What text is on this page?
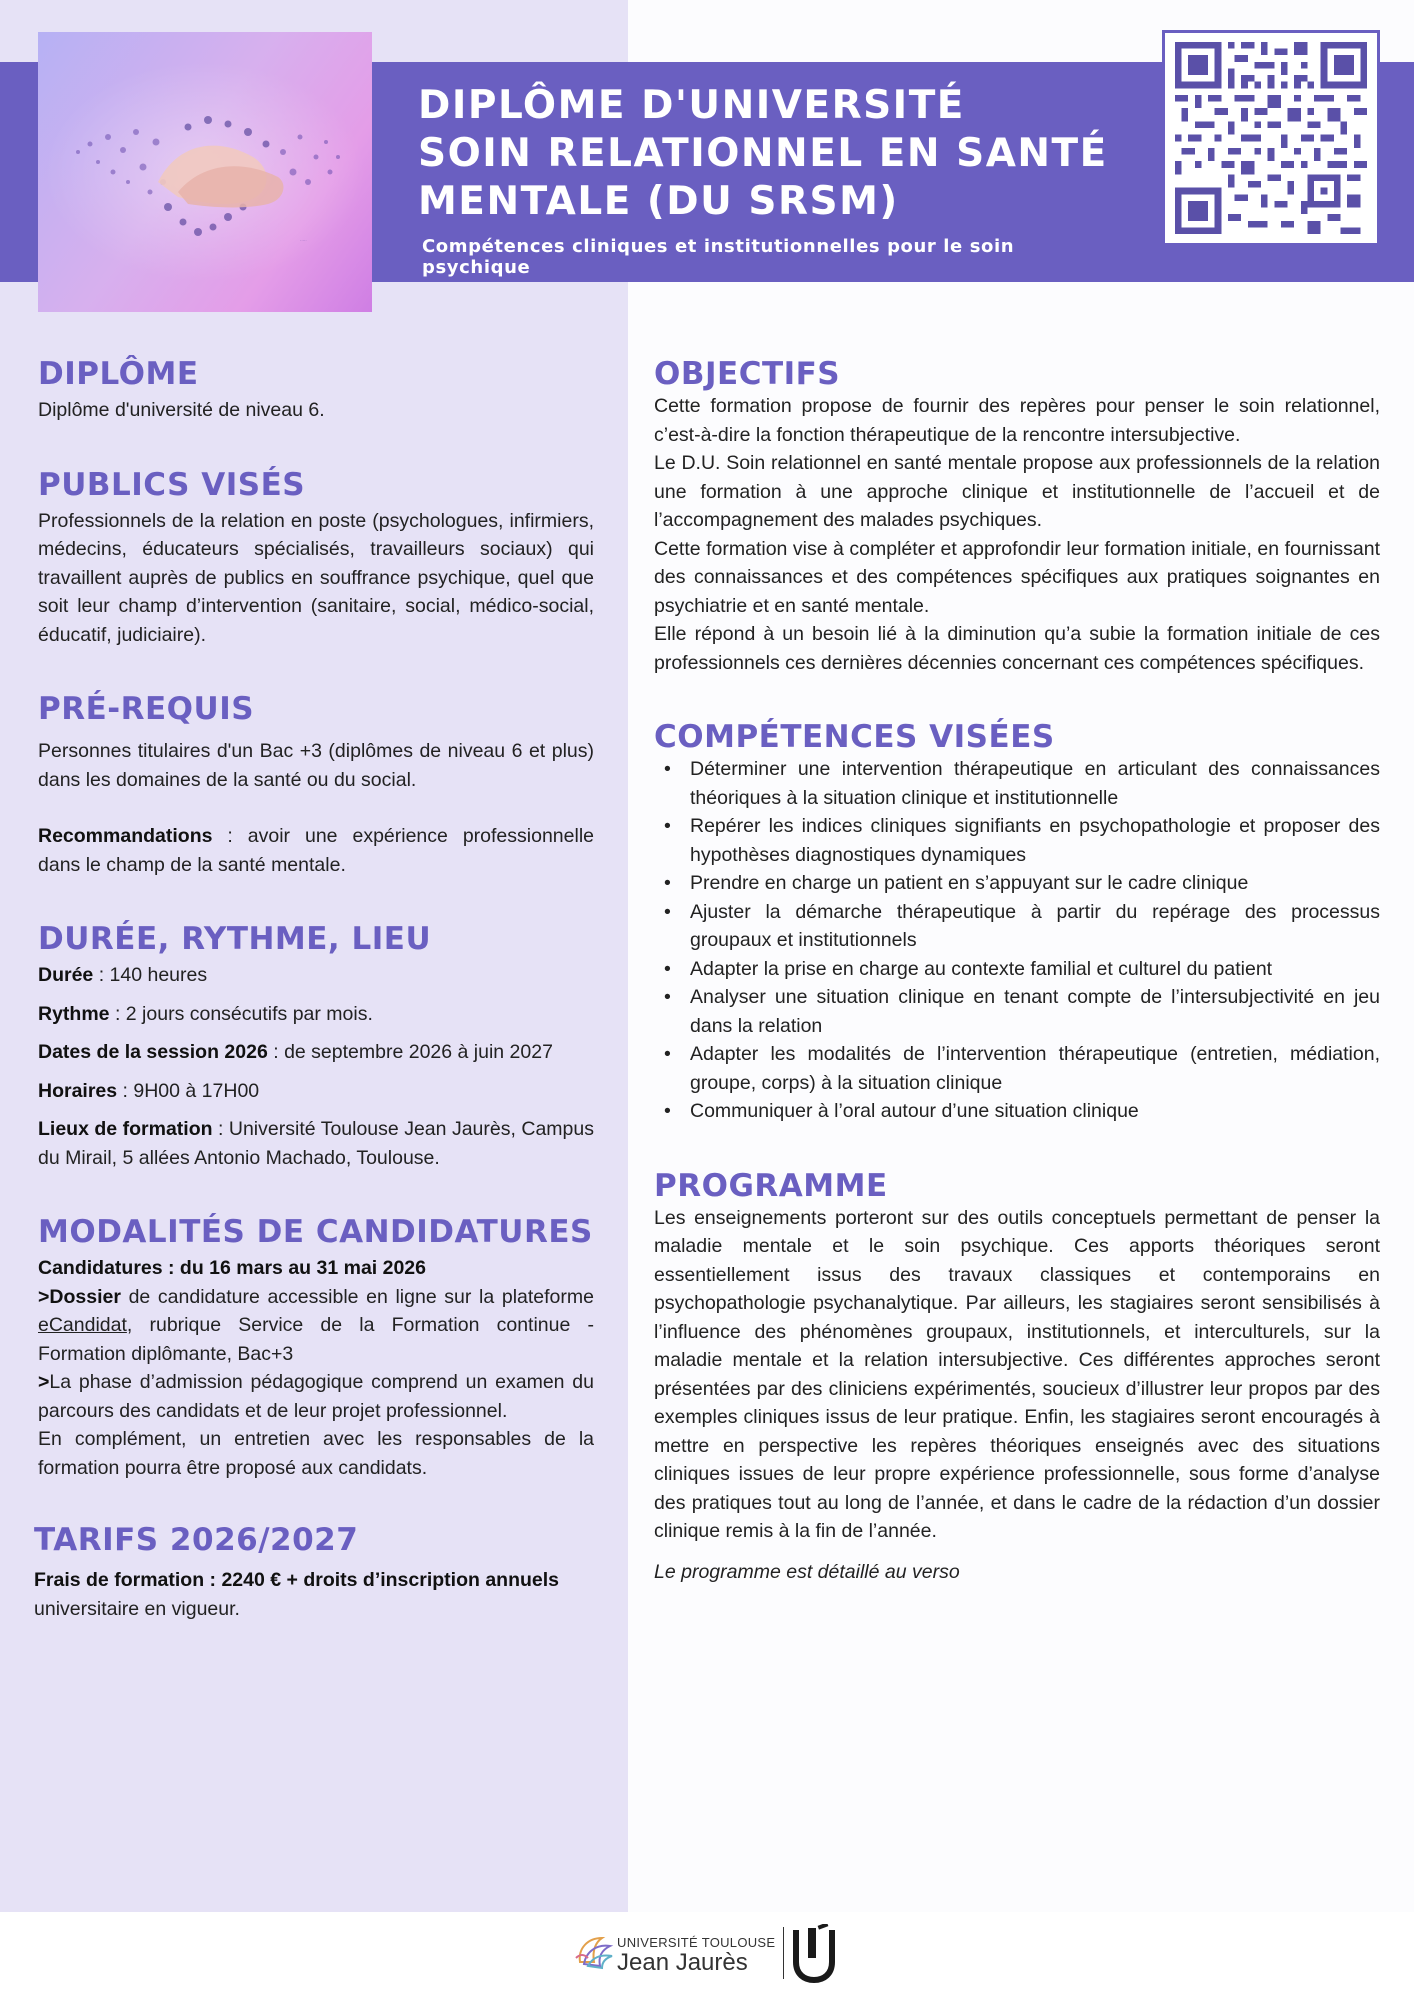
·····
DIPLÔME D'UNIVERSITÉ
SOIN RELATIONNEL EN SANTÉ
MENTALE (DU SRSM)
Compétences cliniques et institutionnelles pour le soin psychique
DIPLÔME

Diplôme d'université de niveau 6.

PUBLICS VISÉS

Professionnels de la relation en poste (psychologues, infirmiers, médecins, éducateurs spécialisés, travailleurs sociaux) qui travaillent auprès de publics en souffrance psychique, quel que soit leur champ d’intervention (sanitaire, social, médico-social, éducatif, judiciaire).

PRÉ-REQUIS

Personnes titulaires d'un Bac +3 (diplômes de niveau 6 et plus) dans les domaines de la santé ou du social.

Recommandations : avoir une expérience professionnelle dans le champ de la santé mentale.

DURÉE, RYTHME, LIEU

Durée : 140 heures

Rythme : 2 jours consécutifs par mois.

Dates de la session 2026 : de septembre 2026 à juin 2027

Horaires : 9H00 à 17H00

Lieux de formation : Université Toulouse Jean Jaurès, Campus du Mirail, 5 allées Antonio Machado, Toulouse.

MODALITÉS DE CANDIDATURES

Candidatures : du 16 mars au 31 mai 2026

>Dossier de candidature accessible en ligne sur la plateforme eCandidat, rubrique Service de la Formation continue - Formation diplômante, Bac+3

>La phase d’admission pédagogique comprend un examen du parcours des candidats et de leur projet professionnel.

En complément, un entretien avec les responsables de la formation pourra être proposé aux candidats.

TARIFS 2026/2027

Frais de formation : 2240 € + droits d’inscription annuels
universitaire en vigueur.

OBJECTIFS

Cette formation propose de fournir des repères pour penser le soin relationnel, c’est-à-dire la fonction thérapeutique de la rencontre intersubjective.

Le D.U. Soin relationnel en santé mentale propose aux professionnels de la relation une formation à une approche clinique et institutionnelle de l’accueil et de l’accompagnement des malades psychiques.

Cette formation vise à compléter et approfondir leur formation initiale, en fournissant des connaissances et des compétences spécifiques aux pratiques soignantes en psychiatrie et en santé mentale.

Elle répond à un besoin lié à la diminution qu’a subie la formation initiale de ces professionnels ces dernières décennies concernant ces compétences spécifiques.

COMPÉTENCES VISÉES
• Déterminer une intervention thérapeutique en articulant des connaissances théoriques à la situation clinique et institutionnelle
• Repérer les indices cliniques signifiants en psychopathologie et proposer des hypothèses diagnostiques dynamiques
• Prendre en charge un patient en s’appuyant sur le cadre clinique
• Ajuster la démarche thérapeutique à partir du repérage des processus groupaux et institutionnels
• Adapter la prise en charge au contexte familial et culturel du patient
• Analyser une situation clinique en tenant compte de l’intersubjectivité en jeu dans la relation
• Adapter les modalités de l’intervention thérapeutique (entretien, médiation, groupe, corps) à la situation clinique
• Communiquer à l’oral autour d’une situation clinique
PROGRAMME

Les enseignements porteront sur des outils conceptuels permettant de penser la maladie mentale et le soin psychique. Ces apports théoriques seront essentiellement issus des travaux classiques et contemporains en psychopathologie psychanalytique. Par ailleurs, les stagiaires seront sensibilisés à l’influence des phénomènes groupaux, institutionnels, et interculturels, sur la maladie mentale et la relation intersubjective. Ces différentes approches seront présentées par des cliniciens expérimentés, soucieux d’illustrer leur propos par des exemples cliniques issus de leur pratique. Enfin, les stagiaires seront encouragés à mettre en perspective les repères théoriques enseignés avec des situations cliniques issues de leur propre expérience professionnelle, sous forme d’analyse des pratiques tout au long de l’année, et dans le cadre de la rédaction d’un dossier clinique remis à la fin de l’année.

Le programme est détaillé au verso

UNIVERSITÉ TOULOUSE
Jean Jaurès
